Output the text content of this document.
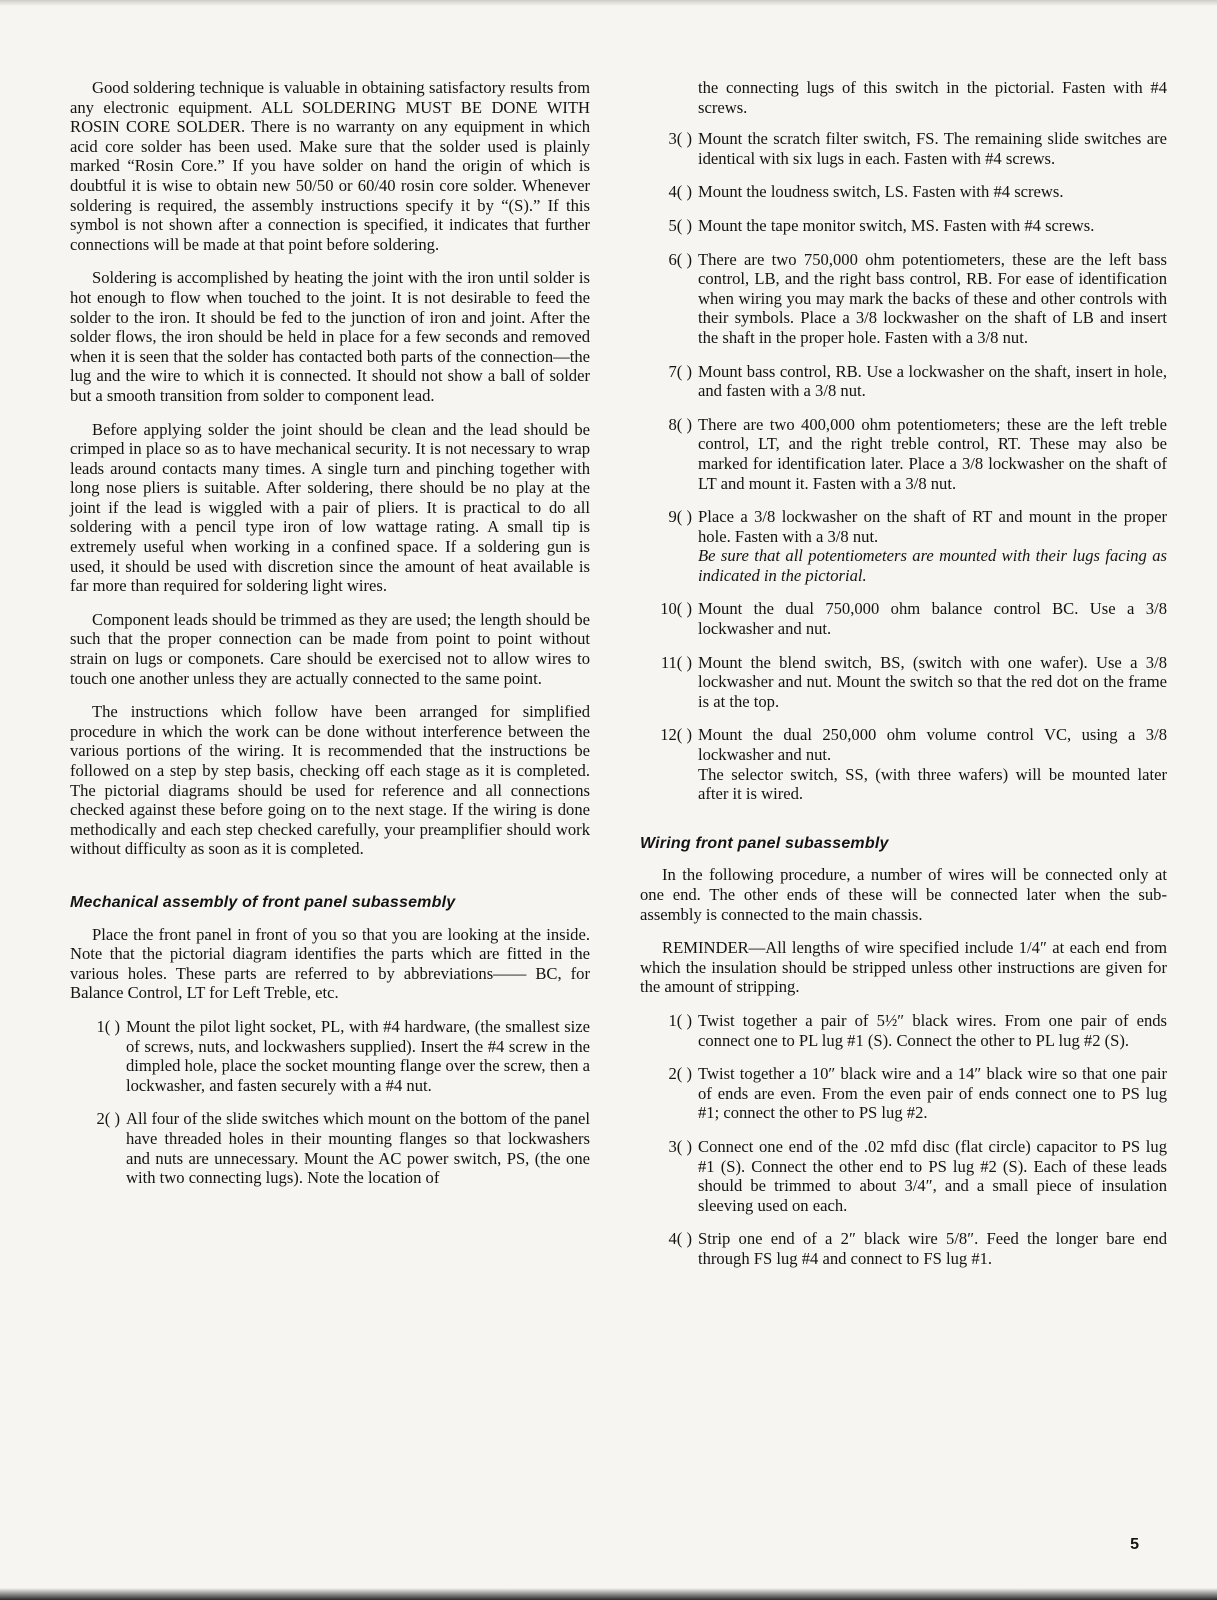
Good soldering technique is valuable in obtaining satisfactory results from any electronic equipment. ALL SOLDERING MUST BE DONE WITH ROSIN CORE SOLDER. There is no warranty on any equipment in which acid core solder has been used. Make sure that the solder used is plainly marked “Rosin Core.” If you have solder on hand the origin of which is doubtful it is wise to obtain new 50/50 or 60/40 rosin core solder. Whenever soldering is required, the assembly instructions specify it by “(S).” If this symbol is not shown after a connection is specified, it indicates that further connections will be made at that point before soldering.

Soldering is accomplished by heating the joint with the iron until solder is hot enough to flow when touched to the joint. It is not desirable to feed the solder to the iron. It should be fed to the junction of iron and joint. After the solder flows, the iron should be held in place for a few seconds and removed when it is seen that the solder has contacted both parts of the connection—the lug and the wire to which it is connected. It should not show a ball of solder but a smooth transition from solder to component lead.

Before applying solder the joint should be clean and the lead should be crimped in place so as to have mechanical security. It is not necessary to wrap leads around contacts many times. A single turn and pinching together with long nose pliers is suitable. After soldering, there should be no play at the joint if the lead is wiggled with a pair of pliers. It is practical to do all soldering with a pencil type iron of low wattage rating. A small tip is extremely useful when working in a confined space. If a soldering gun is used, it should be used with discretion since the amount of heat available is far more than required for soldering light wires.

Component leads should be trimmed as they are used; the length should be such that the proper connection can be made from point to point without strain on lugs or componets. Care should be exercised not to allow wires to touch one another unless they are actually connected to the same point.

The instructions which follow have been arranged for simplified procedure in which the work can be done without interference between the various portions of the wiring. It is recommended that the instructions be followed on a step by step basis, checking off each stage as it is completed. The pictorial diagrams should be used for reference and all connections checked against these before going on to the next stage. If the wiring is done methodically and each step checked carefully, your preamplifier should work without difficulty as soon as it is completed.

Mechanical assembly of front panel subassembly

Place the front panel in front of you so that you are looking at the inside. Note that the pictorial diagram identifies the parts which are fitted in the various holes. These parts are referred to by abbreviations—— BC, for Balance Control, LT for Left Treble, etc.

1( ) Mount the pilot light socket, PL, with #4 hardware, (the smallest size of screws, nuts, and lockwashers supplied). Insert the #4 screw in the dimpled hole, place the socket mounting flange over the screw, then a lockwasher, and fasten securely with a #4 nut.
2( ) All four of the slide switches which mount on the bottom of the panel have threaded holes in their mounting flanges so that lockwashers and nuts are unnecessary. Mount the AC power switch, PS, (the one with two connecting lugs). Note the location of
the connecting lugs of this switch in the pictorial. Fasten with #4 screws.
3( ) Mount the scratch filter switch, FS. The remaining slide switches are identical with six lugs in each. Fasten with #4 screws.
4( ) Mount the loudness switch, LS. Fasten with #4 screws.
5( ) Mount the tape monitor switch, MS. Fasten with #4 screws.
6( ) There are two 750,000 ohm potentiometers, these are the left bass control, LB, and the right bass control, RB. For ease of identification when wiring you may mark the backs of these and other controls with their symbols. Place a 3/8 lockwasher on the shaft of LB and insert the shaft in the proper hole. Fasten with a 3/8 nut.
7( ) Mount bass control, RB. Use a lockwasher on the shaft, insert in hole, and fasten with a 3/8 nut.
8( ) There are two 400,000 ohm potentiometers; these are the left treble control, LT, and the right treble control, RT. These may also be marked for identification later. Place a 3/8 lockwasher on the shaft of LT and mount it. Fasten with a 3/8 nut.
9( ) Place a 3/8 lockwasher on the shaft of RT and mount in the proper hole. Fasten with a 3/8 nut.
Be sure that all potentiometers are mounted with their lugs facing as indicated in the pictorial.
10( ) Mount the dual 750,000 ohm balance control BC. Use a 3/8 lockwasher and nut.
11( ) Mount the blend switch, BS, (switch with one wafer). Use a 3/8 lockwasher and nut. Mount the switch so that the red dot on the frame is at the top.
12( ) Mount the dual 250,000 ohm volume control VC, using a 3/8 lockwasher and nut.
The selector switch, SS, (with three wafers) will be mounted later after it is wired.
Wiring front panel subassembly

In the following procedure, a number of wires will be connected only at one end. The other ends of these will be connected later when the sub-assembly is connected to the main chassis.

REMINDER—All lengths of wire specified include 1/4″ at each end from which the insulation should be stripped unless other instructions are given for the amount of stripping.

1( ) Twist together a pair of 5½″ black wires. From one pair of ends connect one to PL lug #1 (S). Connect the other to PL lug #2 (S).
2( ) Twist together a 10″ black wire and a 14″ black wire so that one pair of ends are even. From the even pair of ends connect one to PS lug #1; connect the other to PS lug #2.
3( ) Connect one end of the .02 mfd disc (flat circle) capacitor to PS lug #1 (S). Connect the other end to PS lug #2 (S). Each of these leads should be trimmed to about 3/4″, and a small piece of insulation sleeving used on each.
4( ) Strip one end of a 2″ black wire 5/8″. Feed the longer bare end through FS lug #4 and connect to FS lug #1.
5
